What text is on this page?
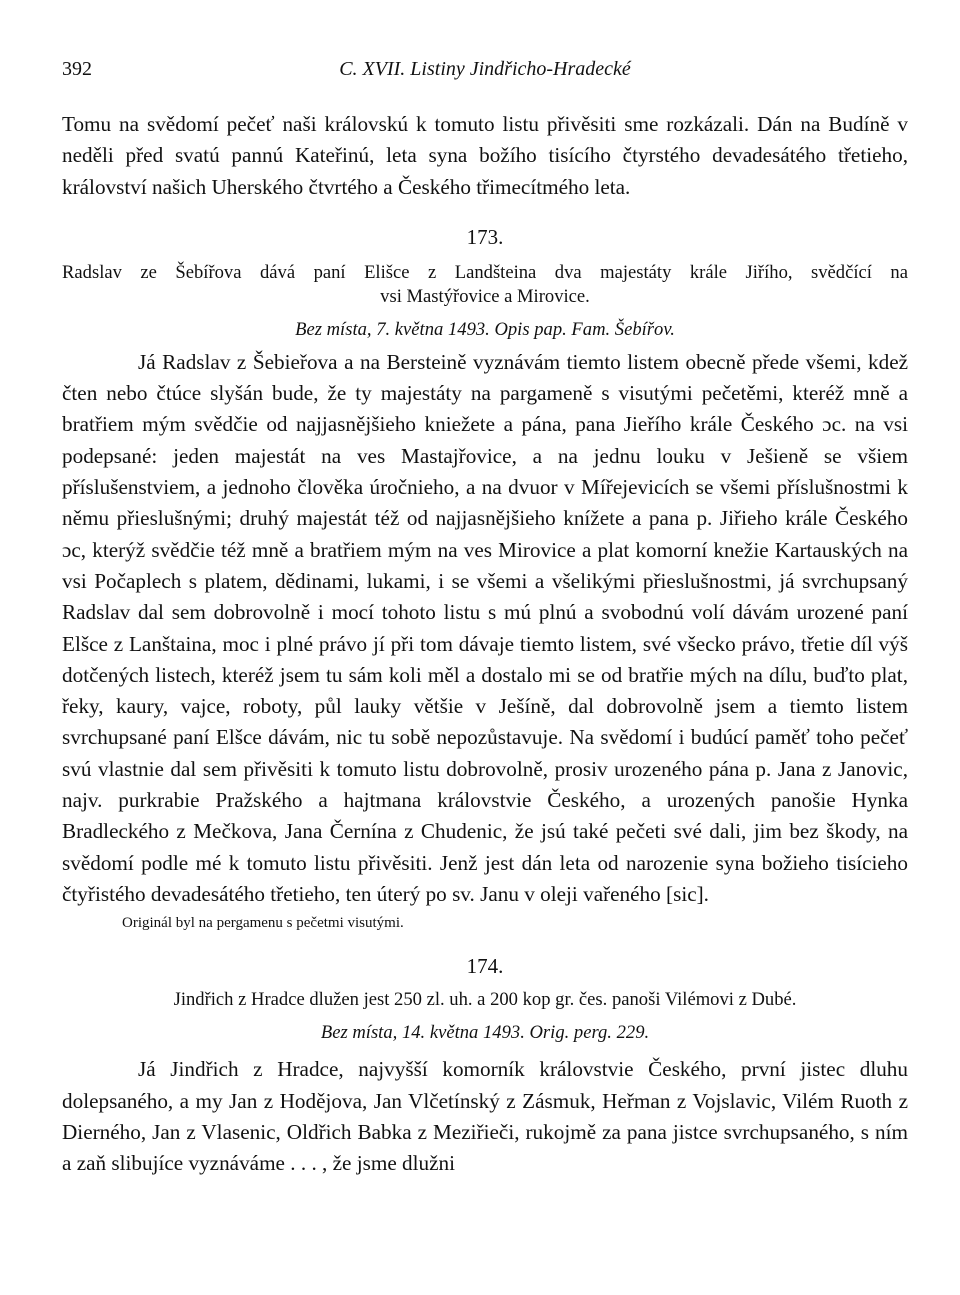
392	C. XVII. Listiny Jindřicho-Hradecké

Tomu na svědomí pečeť naši královskú k tomuto listu přivěsiti sme rozkázali. Dán na Budíně v neděli před svatú pannú Kateřinú, leta syna božího tisícího čtyrstého devadesátého třetieho, království našich Uherského čtvrtého a Českého třimecítmého leta.

173.

Radslav ze Šebířova dává paní Elišce z Landšteina dva majestáty krále Jiřího, svědčící na

vsi Mastýřovice a Mirovice.

Bez místa, 7. května 1493. Opis pap. Fam. Šebířov.

Já Radslav z Šebieřova a na Bersteině vyznávám tiemto listem obecně přede všemi, kdež čten nebo čtúce slyšán bude, že ty majestáty na pargameně s visutými pečetěmi, kteréž mně a bratřiem mým svědčie od najjasnějšieho kniežete a pána, pana Jieřího krále Českého ɔc. na vsi podepsané: jeden majestát na ves Mastajřovice, a na jednu louku v Ješieně se všiem příslušenstviem, a jednoho člověka úročnieho, a na dvuor v Mířejevicích se všemi příslušnostmi k němu přieslušnými; druhý majestát též od najjasnějšieho knížete a pana p. Jiřieho krále Českého ɔc, kterýž svědčie též mně a bratřiem mým na ves Mirovice a plat komorní knežie Kartauských na vsi Počaplech s platem, dědinami, lukami, i se všemi a všelikými přieslušnostmi, já svrchupsaný Radslav dal sem dobrovolně i mocí tohoto listu s mú plnú a svobodnú volí dávám urozené paní Elšce z Lanštaina, moc i plné právo jí při tom dávaje tiemto listem, své všecko právo, třetie díl výš dotčených listech, kteréž jsem tu sám koli měl a dostalo mi se od bratřie mých na dílu, buďto plat, řeky, kaury, vajce, roboty, půl lauky většie v Ješíně, dal dobrovolně jsem a tiemto listem svrchupsané paní Elšce dávám, nic tu sobě nepozůstavuje. Na svědomí i budúcí paměť toho pečeť svú vlastnie dal sem přivěsiti k tomuto listu dobrovolně, prosiv urozeného pána p. Jana z Janovic, najv. purkrabie Pražského a hajtmana královstvie Českého, a urozených panošie Hynka Bradleckého z Mečkova, Jana Černína z Chudenic, že jsú také pečeti své dali, jim bez škody, na svědomí podle mé k tomuto listu přivěsiti. Jenž jest dán leta od narozenie syna božieho tisícieho čtyřistého devadesátého třetieho, ten úterý po sv. Janu v oleji vařeného [sic].

Originál byl na pergamenu s pečetmi visutými.

174.

Jindřich z Hradce dlužen jest 250 zl. uh. a 200 kop gr. čes. panoši Vilémovi z Dubé.

Bez místa, 14. května 1493. Orig. perg. 229.

Já Jindřich z Hradce, najvyšší komorník královstvie Českého, první jistec dluhu dolepsaného, a my Jan z Hodějova, Jan Vlčetínský z Zásmuk, Heřman z Vojslavic, Vilém Ruoth z Dierného, Jan z Vlasenic, Oldřich Babka z Meziřieči, rukojmě za pana jistce svrchupsaného, s ním a zaň slibujíce vyznáváme . . . , že jsme dlužni
